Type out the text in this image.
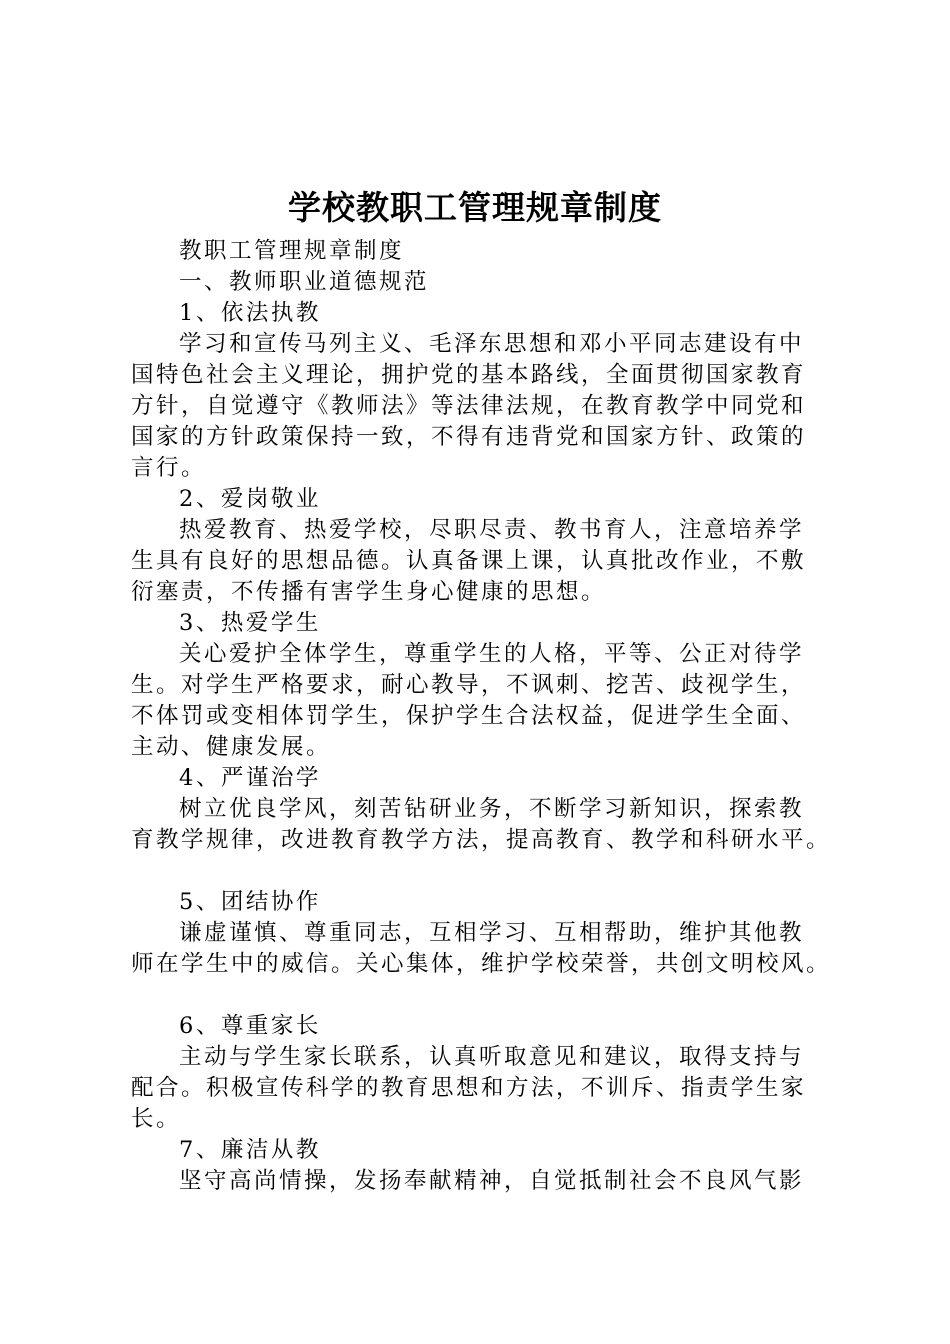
学校教职工管理规章制度
教职工管理规章制度
一、教师职业道德规范
1、依法执教
学习和宣传马列主义、毛泽东思想和邓小平同志建设有中
国特色社会主义理论，拥护党的基本路线，全面贯彻国家教育
方针，自觉遵守《教师法》等法律法规，在教育教学中同党和
国家的方针政策保持一致，不得有违背党和国家方针、政策的
言行。
2、爱岗敬业
热爱教育、热爱学校，尽职尽责、教书育人，注意培养学
生具有良好的思想品德。认真备课上课，认真批改作业，不敷
衍塞责，不传播有害学生身心健康的思想。
3、热爱学生
关心爱护全体学生，尊重学生的人格，平等、公正对待学
生。对学生严格要求，耐心教导，不讽刺、挖苦、歧视学生，
不体罚或变相体罚学生，保护学生合法权益，促进学生全面、
主动、健康发展。
4、严谨治学
树立优良学风，刻苦钻研业务，不断学习新知识，探索教
育教学规律，改进教育教学方法，提高教育、教学和科研水平。
5、团结协作
谦虚谨慎、尊重同志，互相学习、互相帮助，维护其他教
师在学生中的威信。关心集体，维护学校荣誉，共创文明校风。
6、尊重家长
主动与学生家长联系，认真听取意见和建议，取得支持与
配合。积极宣传科学的教育思想和方法，不训斥、指责学生家
长。
7、廉洁从教
坚守高尚情操，发扬奉献精神，自觉抵制社会不良风气影
